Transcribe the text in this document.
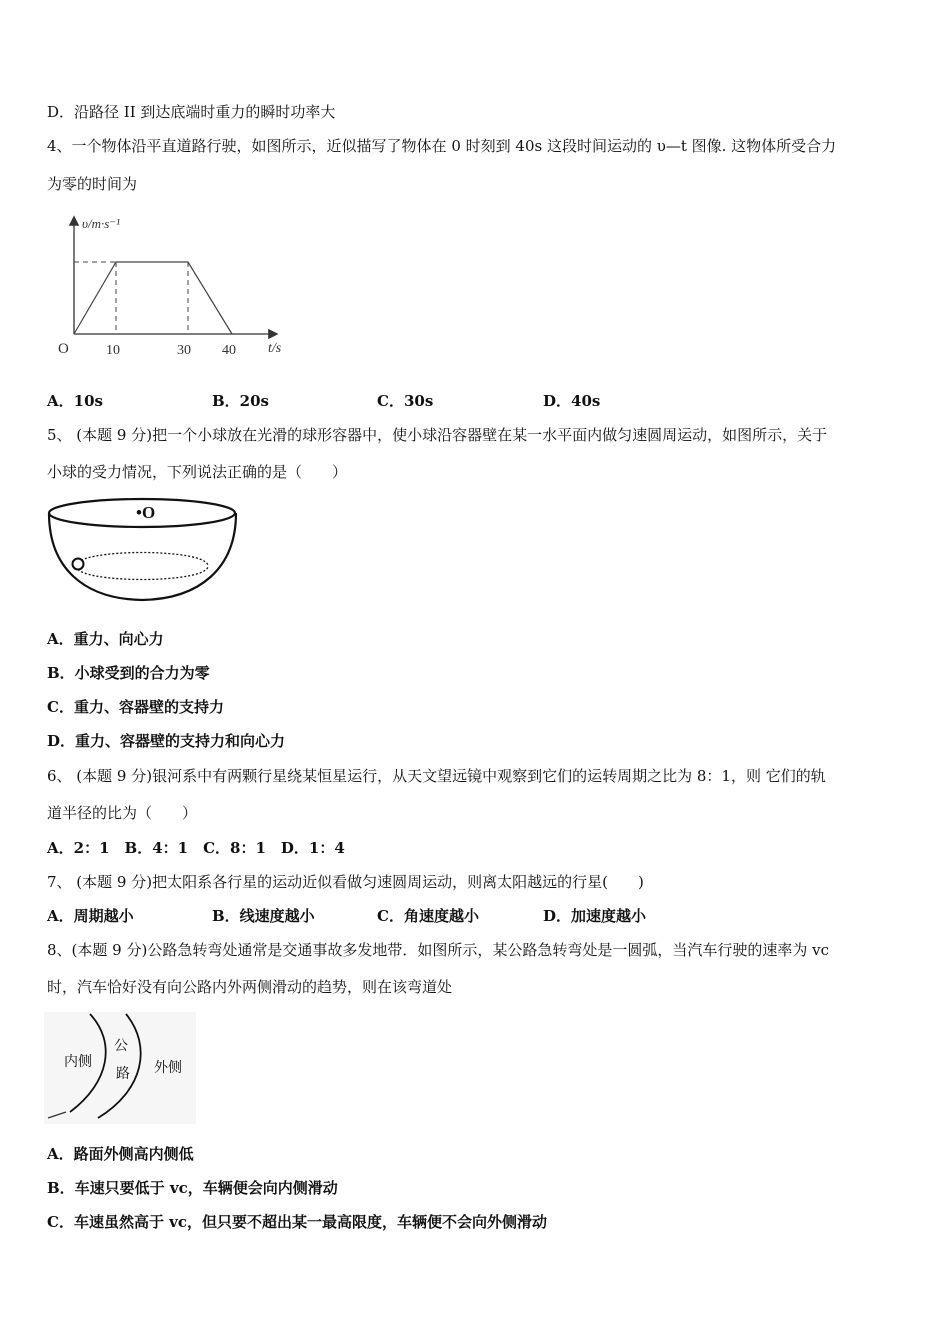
D．沿路径 II 到达底端时重力的瞬时功率大
4、一个物体沿平直道路行驶，如图所示，近似描写了物体在 0 时刻到 40s 这段时间运动的 υ—t 图像. 这物体所受合力
为零的时间为
υ/m·s⁻¹
t/s
O	10	30 40
A．10s	B．20s	C．30s	D．40s
5、 (本题 9 分)把一个小球放在光滑的球形容器中，使小球沿容器壁在某一水平面内做匀速圆周运动，如图所示，关于
小球的受力情况，下列说法正确的是（　　）
•O
A．重力、向心力
B．小球受到的合力为零
C．重力、容器壁的支持力
D．重力、容器壁的支持力和向心力
6、 (本题 9 分)银河系中有两颗行星绕某恒星运行，从天文望远镜中观察到它们的运转周期之比为 8：1，则 它们的轨
道半径的比为（　　）
A．2：1　B．4：1　C．8：1　D．1：4
7、 (本题 9 分)把太阳系各行星的运动近似看做匀速圆周运动，则离太阳越远的行星(　　)
A．周期越小	B．线速度越小	C．角速度越小	D．加速度越小
8、(本题 9 分)公路急转弯处通常是交通事故多发地带．如图所示，某公路急转弯处是一圆弧，当汽车行驶的速率为 vc
时，汽车恰好没有向公路内外两侧滑动的趋势，则在该弯道处
内侧
公
路 外侧
A．路面外侧高内侧低
B．车速只要低于 vc，车辆便会向内侧滑动
C．车速虽然高于 vc，但只要不超出某一最高限度，车辆便不会向外侧滑动
